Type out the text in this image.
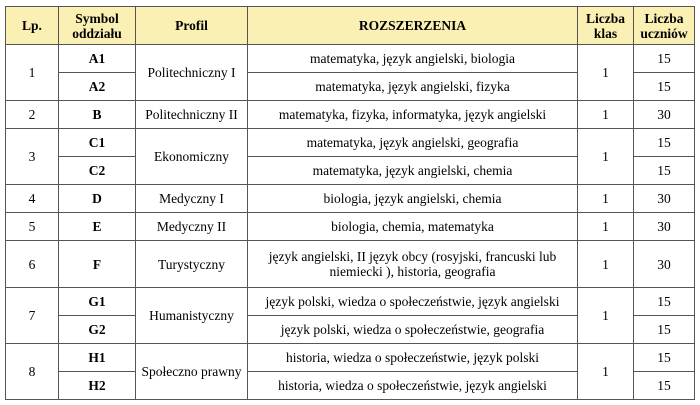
Lp.	Symbol oddziału	Profil	ROZSZERZENIA	Liczba klas	Liczba uczniów
1	A1	Politechniczny I	matematyka, język angielski, biologia	1	15
	A2		matematyka, język angielski, fizyka		15
2	B	Politechniczny II	matematyka, fizyka, informatyka, język angielski	1	30
3	C1	Ekonomiczny	matematyka, język angielski, geografia	1	15
	C2		matematyka, język angielski, chemia		15
4	D	Medyczny I	biologia, język angielski, chemia	1	30
5	E	Medyczny II	biologia, chemia, matematyka	1	30
6	F	Turystyczny	język angielski, II język obcy (rosyjski, francuski lub niemiecki ), historia, geografia	1	30
7	G1	Humanistyczny	język polski, wiedza o społeczeństwie, język angielski	1	15
	G2		język polski, wiedza o społeczeństwie, geografia		15
8	H1	Społeczno prawny	historia, wiedza o społeczeństwie, język polski	1	15
	H2		historia, wiedza o społeczeństwie, język angielski		15
